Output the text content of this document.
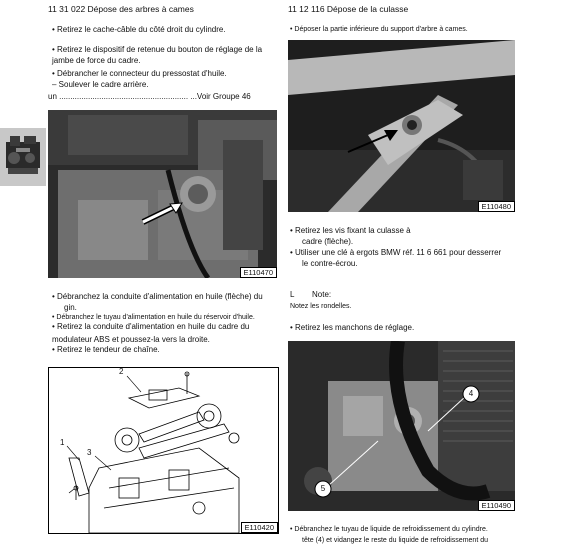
11 31 022 Dépose des arbres à cames
• Retirez le cache-câble du côté droit du cylindre.
• Retirez le dispositif de retenue du bouton de réglage de la
jambe de force du cadre.
• Débrancher le connecteur du pressostat d'huile.
– Soulever le cadre arrière.
un .......................................................... ...Voir Groupe 46
E110470
• Débranchez la conduite d'alimentation en huile (flèche) du
gin.
• Débranchez le tuyau d'alimentation en huile du réservoir d'huile.
• Retirez la conduite d'alimentation en huile du cadre du
modulateur ABS et poussez-la vers la droite.
• Retirez le tendeur de chaîne.
2
1
3
E110420
11 12 116 Dépose de la culasse
• Déposer la partie inférieure du support d'arbre à cames.
E110480
• Retirez les vis fixant la culasse à
cadre (flèche).
• Utiliser une clé à ergots BMW réf. 11 6 661 pour desserrer
le contre-écrou.
L Note:
Notez les rondelles.
• Retirez les manchons de réglage.
4
5
E110490
• Débranchez le tuyau de liquide de refroidissement du cylindre.
tête (4) et vidangez le reste du liquide de refroidissement du
